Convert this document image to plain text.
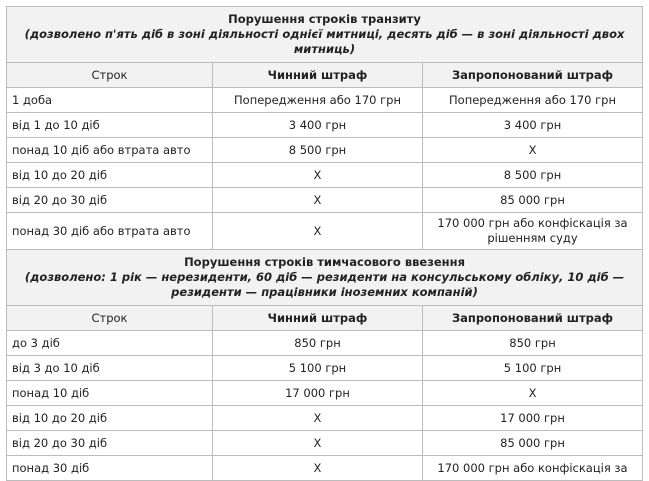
Порушення строків транзиту
(дозволено п'ять діб в зоні діяльності однієї митниці, десять діб — в зоні діяльності двох митниць)		

Строк	Чинний штраф	Запропонований штраф
1 доба	Попередження або 170 грн	Попередження або 170 грн
від 1 до 10 діб	3 400 грн	3 400 грн
понад 10 діб або втрата авто	8 500 грн	Х
від 10 до 20 діб	Х	8 500 грн
від 20 до 30 діб	Х	85 000 грн
понад 30 діб або втрата авто	Х	170 000 грн або конфіскація за рішенням суду

Порушення строків тимчасового ввезення
(дозволено: 1 рік — нерезиденти, 60 діб — резиденти на консульському обліку, 10 діб — резиденти — працівники іноземних компаній)		

Строк	Чинний штраф	Запропонований штраф
до 3 діб	850 грн	850 грн
від 3 до 10 діб	5 100 грн	5 100 грн
понад 10 діб	17 000 грн	Х
від 10 до 20 діб	Х	17 000 грн
від 20 до 30 діб	Х	85 000 грн
понад 30 діб	Х	170 000 грн або конфіскація за
